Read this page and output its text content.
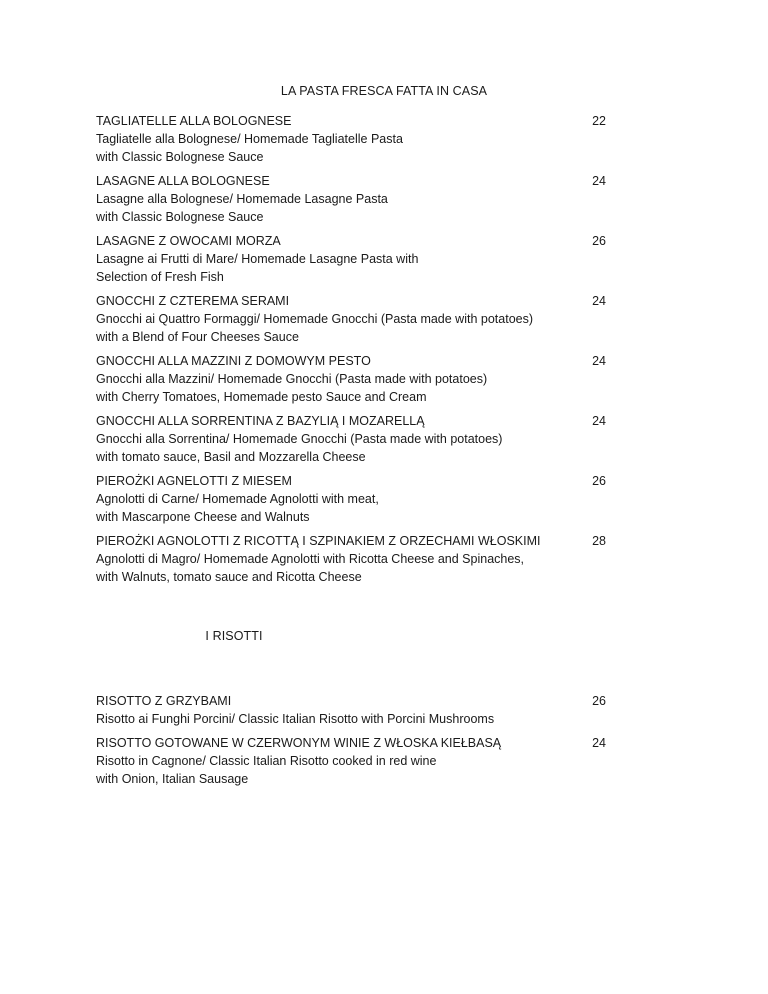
LA PASTA FRESCA FATTA IN CASA
TAGLIATELLE ALLA BOLOGNESE
Tagliatelle alla Bolognese/ Homemade Tagliatelle Pasta
with Classic Bolognese Sauce
22
LASAGNE ALLA BOLOGNESE
Lasagne alla Bolognese/ Homemade Lasagne Pasta
with Classic Bolognese Sauce
24
LASAGNE Z OWOCAMI MORZA
Lasagne ai Frutti di Mare/ Homemade Lasagne Pasta with
Selection of Fresh Fish
26
GNOCCHI Z CZTEREMA SERAMI
Gnocchi ai Quattro Formaggi/ Homemade Gnocchi (Pasta made with potatoes)
with a Blend of Four Cheeses Sauce
24
GNOCCHI ALLA MAZZINI Z DOMOWYM PESTO
Gnocchi alla Mazzini/ Homemade Gnocchi (Pasta made with potatoes)
with Cherry Tomatoes, Homemade pesto Sauce and Cream
24
GNOCCHI ALLA SORRENTINA Z BAZYLIĄ I MOZARELLĄ
Gnocchi alla Sorrentina/ Homemade Gnocchi (Pasta made with potatoes)
with tomato sauce, Basil and Mozzarella Cheese
24
PIEROŻKI AGNELOTTI Z MIESEM
Agnolotti di Carne/ Homemade Agnolotti with meat,
with Mascarpone Cheese and Walnuts
26
PIEROŻKI AGNOLOTTI Z RICOTTĄ I SZPINAKIEM Z ORZECHAMI WŁOSKIMI
Agnolotti di Magro/ Homemade Agnolotti with Ricotta Cheese and Spinaches,
with Walnuts, tomato sauce and Ricotta Cheese
28
I RISOTTI
RISOTTO Z GRZYBAMI
Risotto ai Funghi Porcini/ Classic Italian Risotto with Porcini Mushrooms
26
RISOTTO GOTOWANE W CZERWONYM WINIE Z WŁOSKA KIEŁBASĄ
Risotto in Cagnone/ Classic Italian Risotto cooked in red wine
with Onion, Italian Sausage
24
